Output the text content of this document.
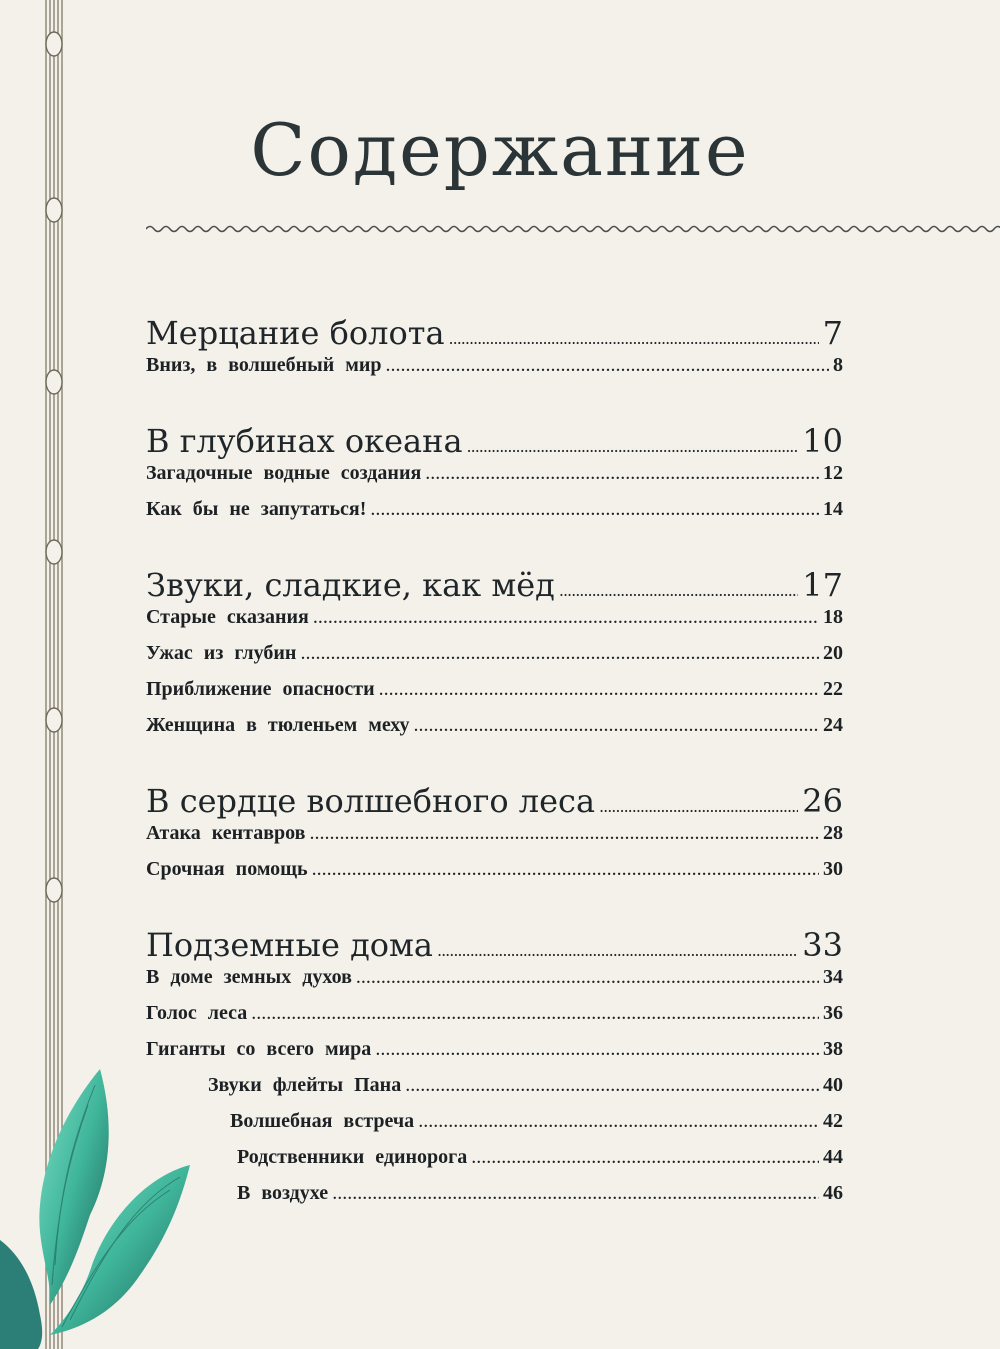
Содержание
Мерцание болота .....	7
Вниз, в волшебный мир .....	8
В глубинах океана .....	10
Загадочные водные создания .....	12
Как бы не запутаться! .....	14
Звуки, сладкие, как мёд .....	17
Старые сказания .....	18
Ужас из глубин .....	20
Приближение опасности .....	22
Женщина в тюленьем меху .....	24
В сердце волшебного леса .....	26
Атака кентавров .....	28
Срочная помощь .....	30
Подземные дома .....	33
В доме земных духов .....	34
Голос леса .....	36
Гиганты со всего мира .....	38
Звуки флейты Пана .....	40
Волшебная встреча .....	42
Родственники единорога .....	44
В воздухе .....	46
